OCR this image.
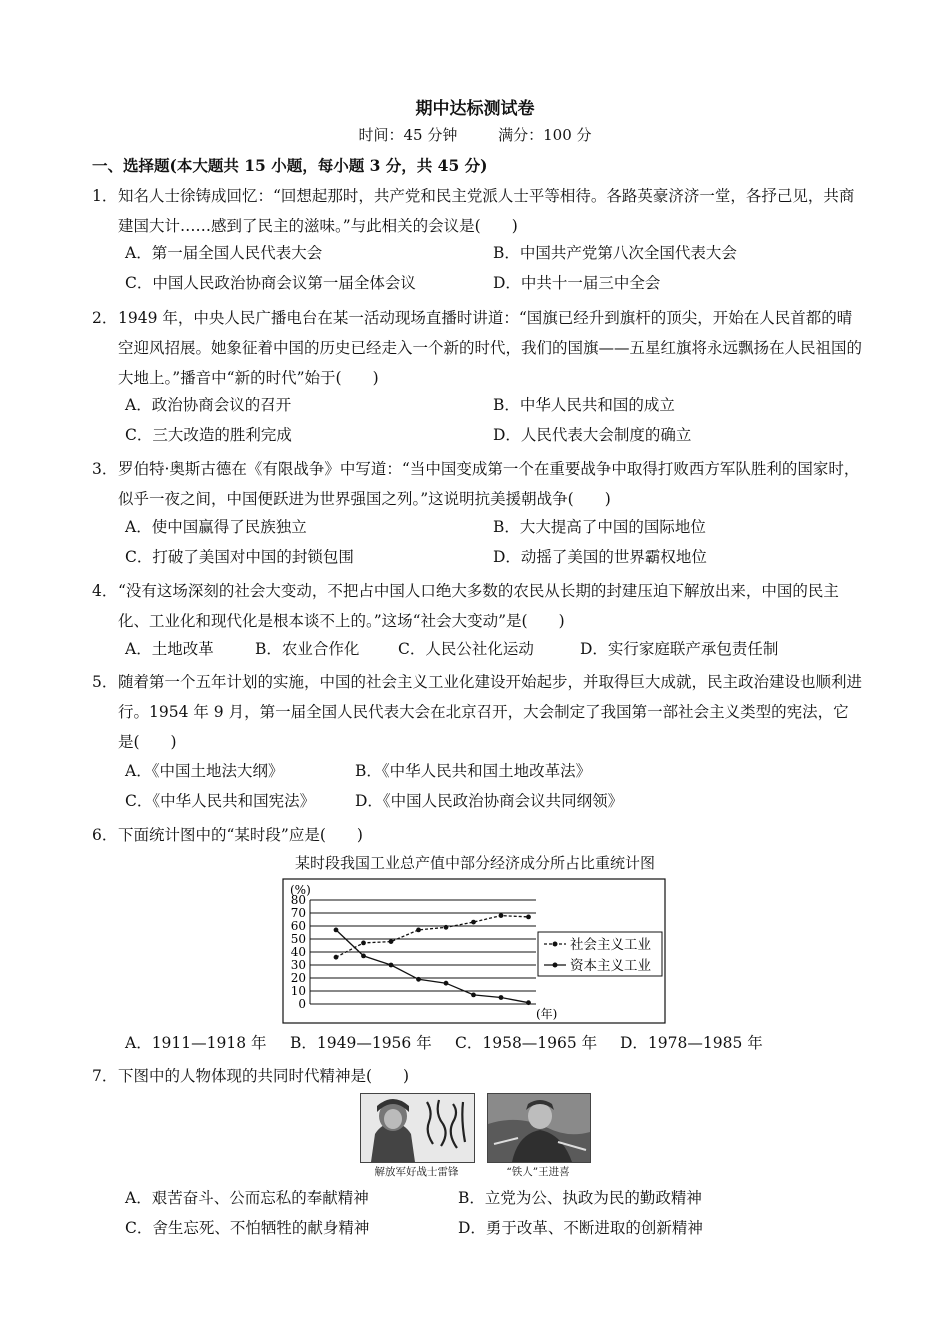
期中达标测试卷
时间：45 分钟	满分：100 分
一、选择题(本大题共 15 小题，每小题 3 分，共 45 分)
1． 知名人士徐铸成回忆：“回想起那时，共产党和民主党派人士平等相待。各路英豪济济一堂，各抒己见，共商建国大计……感到了民主的滋味。”与此相关的会议是(　　)
A．第一届全国人民代表大会	B．中国共产党第八次全国代表大会
C．中国人民政治协商会议第一届全体会议	D．中共十一届三中全会
2． 1949 年，中央人民广播电台在某一活动现场直播时讲道：“国旗已经升到旗杆的顶尖，开始在人民首都的晴空迎风招展。她象征着中国的历史已经走入一个新的时代，我们的国旗——五星红旗将永远飘扬在人民祖国的大地上。”播音中“新的时代”始于(　　)
A．政治协商会议的召开	B．中华人民共和国的成立
C．三大改造的胜利完成	D．人民代表大会制度的确立
3． 罗伯特·奥斯古德在《有限战争》中写道：“当中国变成第一个在重要战争中取得打败西方军队胜利的国家时，似乎一夜之间，中国便跃进为世界强国之列。”这说明抗美援朝战争(　　)
A．使中国赢得了民族独立	B．大大提高了中国的国际地位
C．打破了美国对中国的封锁包围	D．动摇了美国的世界霸权地位
4． “没有这场深刻的社会大变动，不把占中国人口绝大多数的农民从长期的封建压迫下解放出来，中国的民主化、工业化和现代化是根本谈不上的。”这场“社会大变动”是(　　)
A．土地改革	B．农业合作化 C．人民公社化运动	D．实行家庭联产承包责任制
5． 随着第一个五年计划的实施，中国的社会主义工业化建设开始起步，并取得巨大成就，民主政治建设也顺利进行。1954 年 9 月，第一届全国人民代表大会在北京召开，大会制定了我国第一部社会主义类型的宪法，它是(　　)
A．《中国土地法大纲》	B．《中华人民共和国土地改革法》
C．《中华人民共和国宪法》	D．《中国人民政治协商会议共同纲领》
6． 下面统计图中的“某时段”应是(　　)
某时段我国工业总产值中部分经济成分所占比重统计图
0
10
20
30
40
50
60
70
80
(%)
(年)
社会主义工业
资本主义工业
A．1911—1918 年 B．1949—1956 年 C．1958—1965 年 D．1978—1985 年
7． 下图中的人物体现的共同时代精神是(　　)
解放军好战士雷锋	“铁人”王进喜
A．艰苦奋斗、公而忘私的奉献精神	B．立党为公、执政为民的勤政精神
C．舍生忘死、不怕牺牲的献身精神	D．勇于改革、不断进取的创新精神
